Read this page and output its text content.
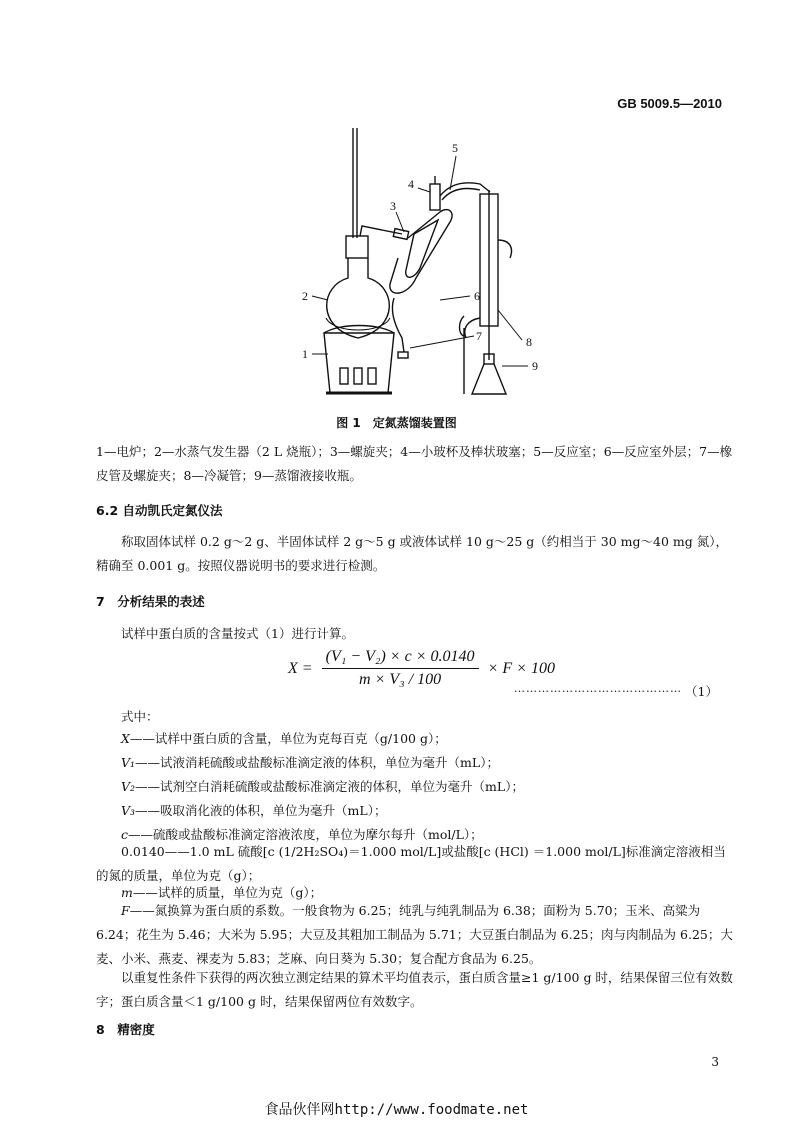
GB 5009.5—2010
1
2
3
4
5
6
7	8
9
图 1　定氮蒸馏装置图
1—电炉；2—水蒸气发生器（2 L 烧瓶）；3—螺旋夹；4—小玻杯及棒状玻塞；5—反应室；6—反应室外层；7—橡皮管及螺旋夹；8—冷凝管；9—蒸馏液接收瓶。
6.2 自动凯氏定氮仪法
称取固体试样 0.2 g～2 g、半固体试样 2 g～5 g 或液体试样 10 g～25 g（约相当于 30 mg～40 mg 氮），精确至 0.001 g。按照仪器说明书的要求进行检测。
7　分析结果的表述
试样中蛋白质的含量按式（1）进行计算。
$X = \frac{\text{(V₁ − V₂) × c × 0.0140}}{\text{m × V₃ / 100}} \times F \times 100$
…………………………………… （1）
式中：
X——试样中蛋白质的含量，单位为克每百克（g/100 g）；
V₁——试液消耗硫酸或盐酸标准滴定液的体积，单位为毫升（mL）；
V₂——试剂空白消耗硫酸或盐酸标准滴定液的体积，单位为毫升（mL）；
V₃——吸取消化液的体积，单位为毫升（mL）；
c——硫酸或盐酸标准滴定溶液浓度，单位为摩尔每升（mol/L）；
0.0140——1.0 mL 硫酸[c (1/2H₂SO₄)＝1.000 mol/L]或盐酸[c (HCl) ＝1.000 mol/L]标准滴定溶液相当的氮的质量，单位为克（g）；
m——试样的质量，单位为克（g）；
F——氮换算为蛋白质的系数。一般食物为 6.25；纯乳与纯乳制品为 6.38；面粉为 5.70；玉米、高粱为 6.24；花生为 5.46；大米为 5.95；大豆及其粗加工制品为 5.71；大豆蛋白制品为 6.25；肉与肉制品为 6.25；大麦、小米、燕麦、裸麦为 5.83；芝麻、向日葵为 5.30；复合配方食品为 6.25。
以重复性条件下获得的两次独立测定结果的算术平均值表示，蛋白质含量≥1 g/100 g 时，结果保留三位有效数字；蛋白质含量＜1 g/100 g 时，结果保留两位有效数字。
8　精密度
3
食品伙伴网http://www.foodmate.net
